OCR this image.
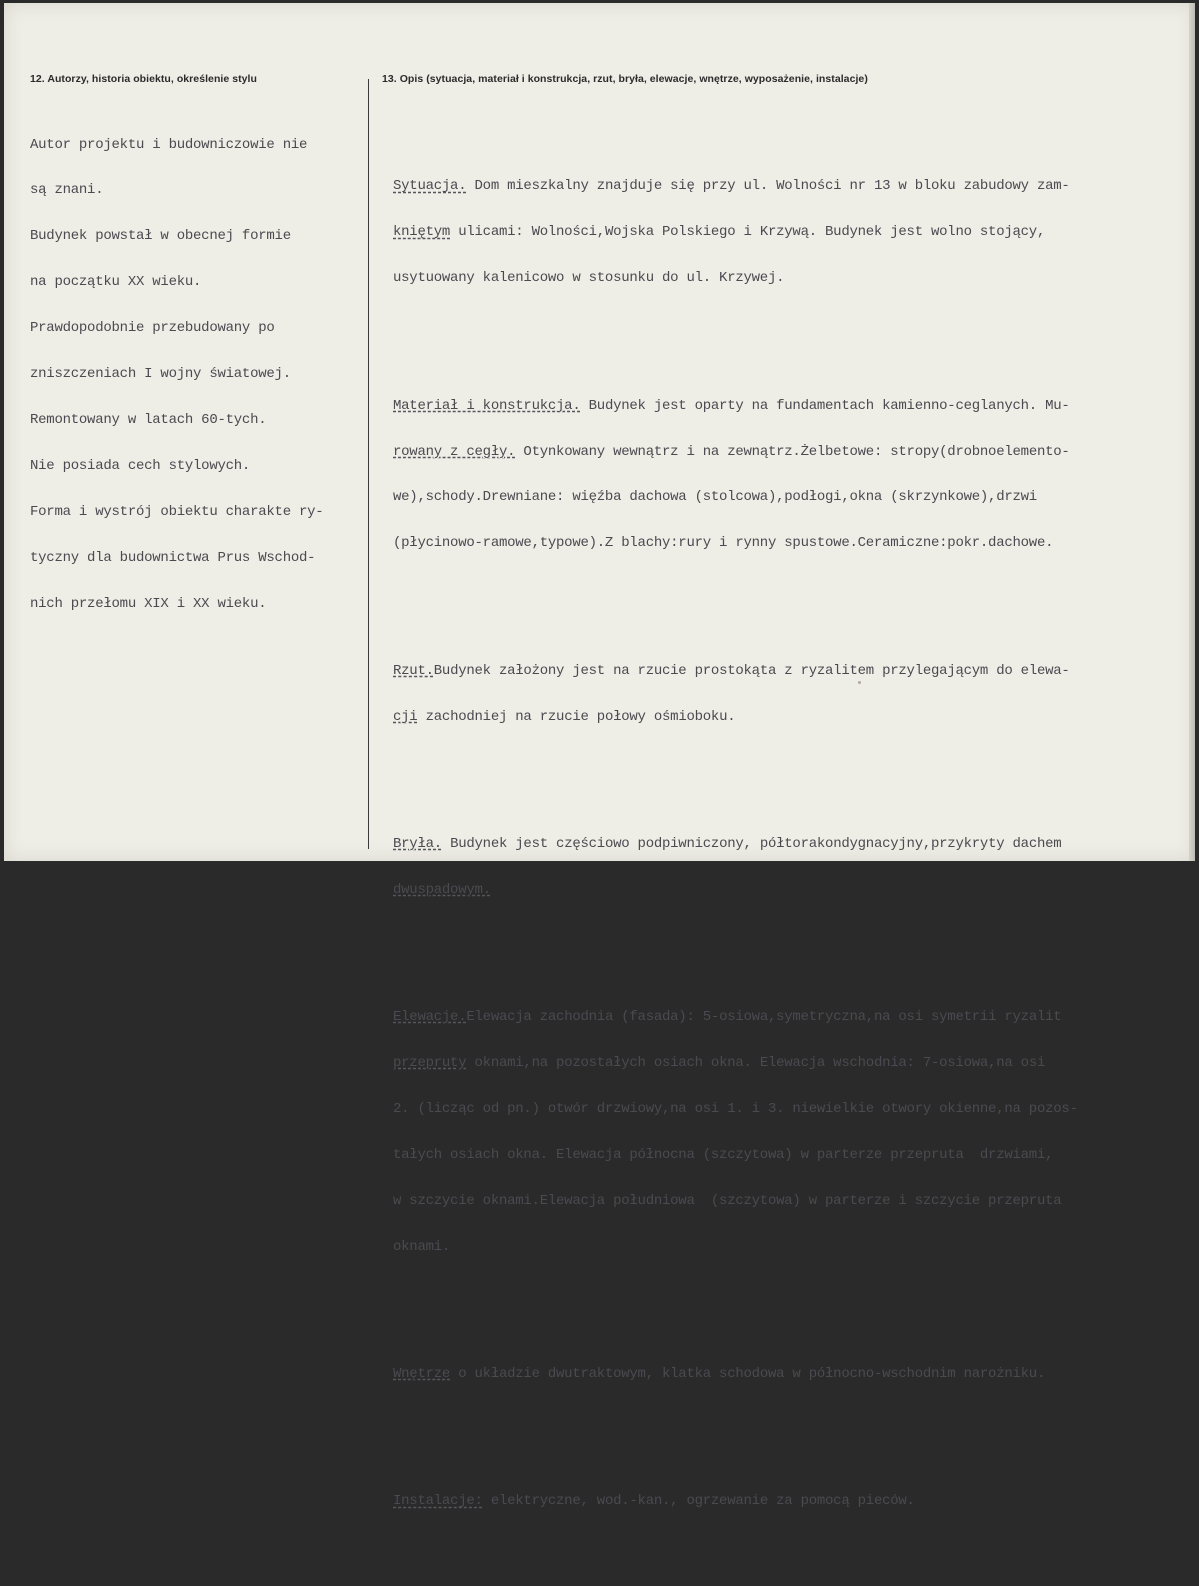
12. Autorzy, historia obiektu, określenie stylu	13. Opis (sytuacja, materiał i konstrukcja, rzut, bryła, elewacje, wnętrze, wyposażenie, instalacje)

Autor projektu i budowniczowie nie

są znani.

Budynek powstał w obecnej formie

na początku XX wieku.

Prawdopodobnie przebudowany po

zniszczeniach I wojny światowej.

Remontowany w latach 60-tych.

Nie posiada cech stylowych.

Forma i wystrój obiektu charakte ry-

tyczny dla budownictwa Prus Wschod-

nich przełomu XIX i XX wieku.

Sytuacja. Dom mieszkalny znajduje się przy ul. Wolności nr 13 w bloku zabudowy zam-

kniętym ulicami: Wolności,Wojska Polskiego i Krzywą. Budynek jest wolno stojący,

usytuowany kalenicowo w stosunku do ul. Krzywej.

Materiał i konstrukcja. Budynek jest oparty na fundamentach kamienno-ceglanych. Mu-

rowany z cegły. Otynkowany wewnątrz i na zewnątrz.Żelbetowe: stropy(drobnoelemento-

we),schody.Drewniane: więźba dachowa (stolcowa),podłogi,okna (skrzynkowe),drzwi

(płycinowo-ramowe,typowe).Z blachy:rury i rynny spustowe.Ceramiczne:pokr.dachowe.

Rzut.Budynek założony jest na rzucie prostokąta z ryzalitem przylegającym do elewa-

cji zachodniej na rzucie połowy ośmioboku.

Bryła. Budynek jest częściowo podpiwniczony, półtorakondygnacyjny,przykryty dachem

dwuspadowym.

Elewacje.Elewacja zachodnia (fasada): 5-osiowa,symetryczna,na osi symetrii ryzalit

przepruty oknami,na pozostałych osiach okna. Elewacja wschodnia: 7-osiowa,na osi

2. (licząc od pn.) otwór drzwiowy,na osi 1. i 3. niewielkie otwory okienne,na pozos-

tałych osiach okna. Elewacja północna (szczytowa) w parterze przepruta  drzwiami,

w szczycie oknami.Elewacja południowa  (szczytowa) w parterze i szczycie przepruta

oknami.

Wnętrze o układzie dwutraktowym, klatka schodowa w północno-wschodnim narożniku.

Instalacje: elektryczne, wod.-kan., ogrzewanie za pomocą pieców.
